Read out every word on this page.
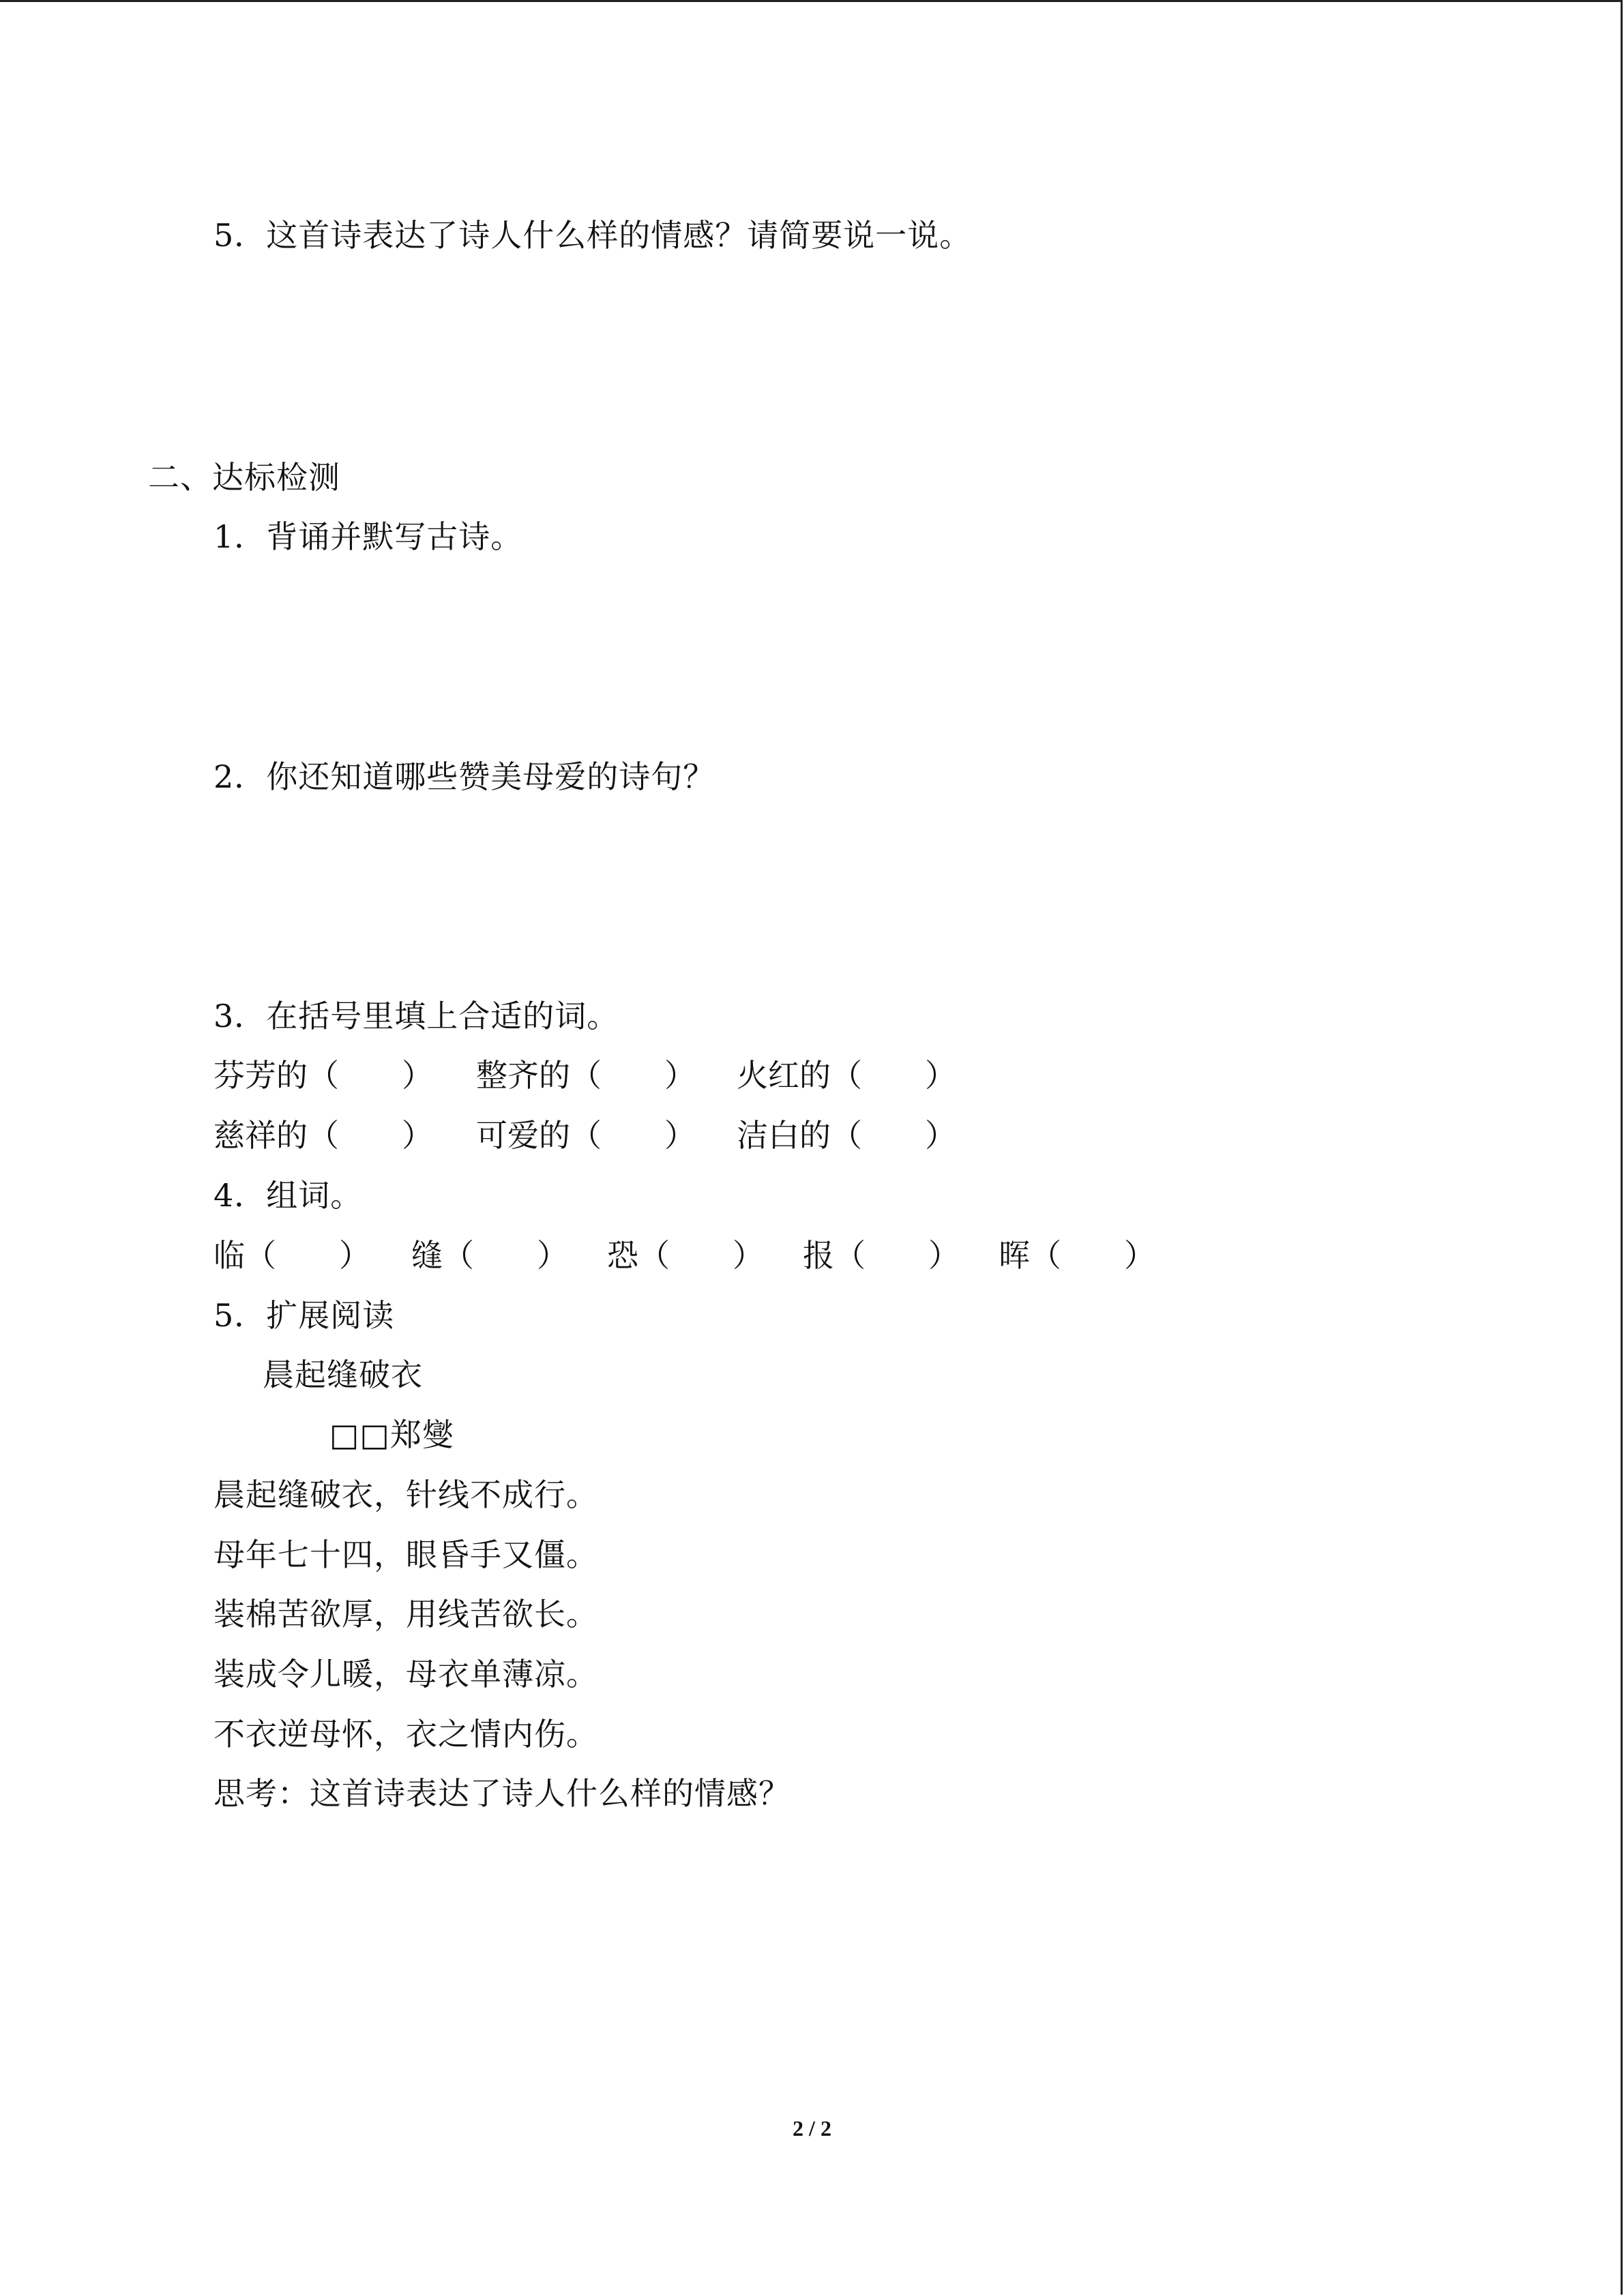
5．这首诗表达了诗人什么样的情感？请简要说一说。
二、达标检测
1．背诵并默写古诗。
2．你还知道哪些赞美母爱的诗句？
3．在括号里填上合适的词。

芬芳的（　　）

整齐的（　　）

火红的（　　）

慈祥的（　　）

可爱的（　　）

洁白的（　　）

4．组词。

临（　　）

缝（　　）

恐（　　）

报（　　）

晖（　　）

5．扩展阅读
晨起缝破衣
□□郑燮
晨起缝破衣，针线不成行。
母年七十四，眼昏手又僵。
装棉苦欲厚，用线苦欲长。
装成令儿暖，母衣单薄凉。
不衣逆母怀，衣之情内伤。
思考：这首诗表达了诗人什么样的情感？
2 / 2
